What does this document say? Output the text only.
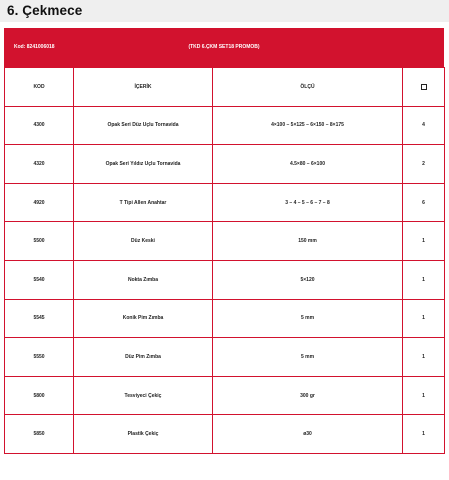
6. Çekmece
Kod: 8241006018	(TKD 6.ÇKM SET18 PROMOB)
KOD	İÇERİK	ÖLÇÜ	
4300	Opak Seri Düz Uçlu Tornavida	4×100 – 5×125 – 6×150 – 8×175	4
4320	Opak Seri Yıldız Uçlu Tornavida	4.5×80 – 6×100	2
4920	T Tipi Allen Anahtar	3 – 4 – 5 – 6 – 7 – 8	6
5500	Düz Keski	150 mm	1
5540	Nokta Zımba	5×120	1
5545	Konik Pim Zımba	5 mm	1
5550	Düz Pim Zımba	5 mm	1
5800	Tesviyeci Çekiç	300 gr	1
5850	Plastik Çekiç	ø30	1
